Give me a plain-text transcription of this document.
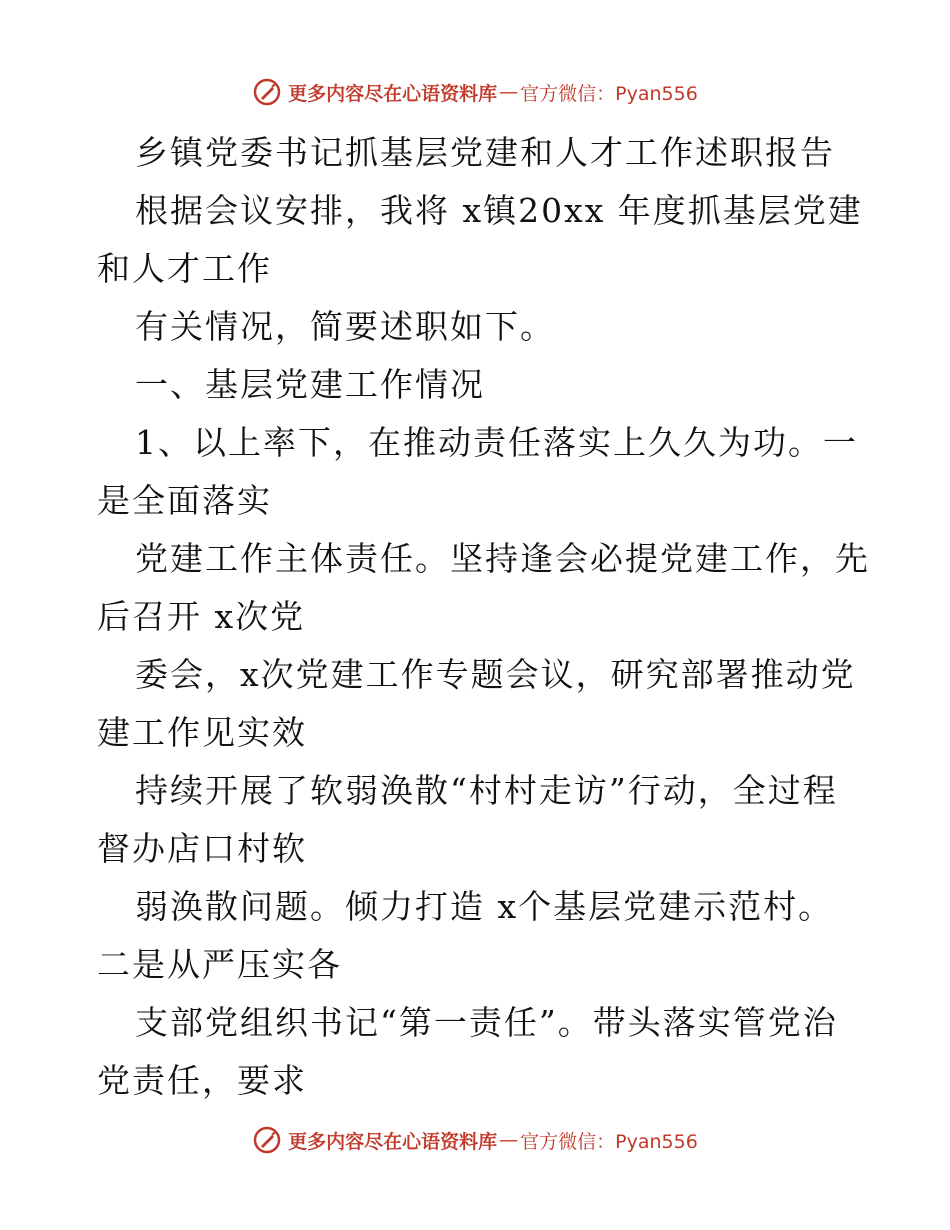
更多内容尽在心语资料库 — 官方微信：Pyan556
乡镇党委书记抓基层党建和人才工作述职报告
根据会议安排，我将 x镇20xx 年度抓基层党建
和人才工作
有关情况，简要述职如下。
一、基层党建工作情况
1、以上率下，在推动责任落实上久久为功。一
是全面落实
党建工作主体责任。坚持逢会必提党建工作，先
后召开 x次党
委会，x次党建工作专题会议，研究部署推动党
建工作见实效
持续开展了软弱涣散“村村走访”行动，全过程
督办店口村软
弱涣散问题。倾力打造 x个基层党建示范村。
二是从严压实各
支部党组织书记“第一责任”。带头落实管党治
党责任，要求
更多内容尽在心语资料库 — 官方微信：Pyan556
